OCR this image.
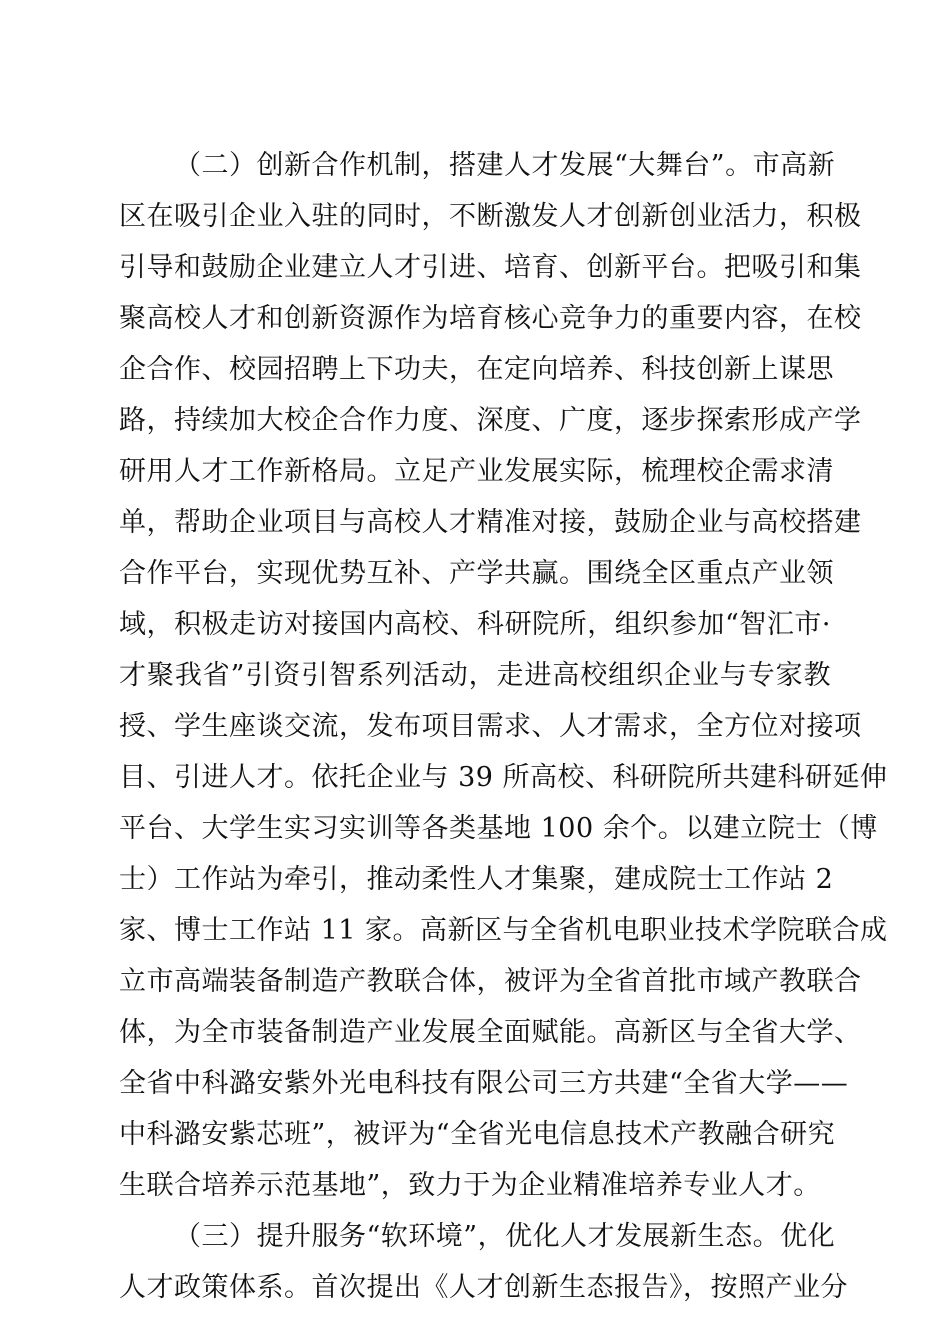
（二）创新合作机制，搭建人才发展“大舞台”。市高新
区在吸引企业入驻的同时，不断激发人才创新创业活力，积极
引导和鼓励企业建立人才引进、培育、创新平台。把吸引和集
聚高校人才和创新资源作为培育核心竞争力的重要内容，在校
企合作、校园招聘上下功夫，在定向培养、科技创新上谋思
路，持续加大校企合作力度、深度、广度，逐步探索形成产学
研用人才工作新格局。立足产业发展实际，梳理校企需求清
单，帮助企业项目与高校人才精准对接，鼓励企业与高校搭建
合作平台，实现优势互补、产学共赢。围绕全区重点产业领
域，积极走访对接国内高校、科研院所，组织参加“智汇市·
才聚我省”引资引智系列活动，走进高校组织企业与专家教
授、学生座谈交流，发布项目需求、人才需求，全方位对接项
目、引进人才。依托企业与 39 所高校、科研院所共建科研延伸
平台、大学生实习实训等各类基地 100 余个。以建立院士（博
士）工作站为牵引，推动柔性人才集聚，建成院士工作站 2
家、博士工作站 11 家。高新区与全省机电职业技术学院联合成
立市高端装备制造产教联合体，被评为全省首批市域产教联合
体，为全市装备制造产业发展全面赋能。高新区与全省大学、
全省中科潞安紫外光电科技有限公司三方共建“全省大学——
中科潞安紫芯班”，被评为“全省光电信息技术产教融合研究
生联合培养示范基地”，致力于为企业精准培养专业人才。
（三）提升服务“软环境”，优化人才发展新生态。优化
人才政策体系。首次提出《人才创新生态报告》，按照产业分
